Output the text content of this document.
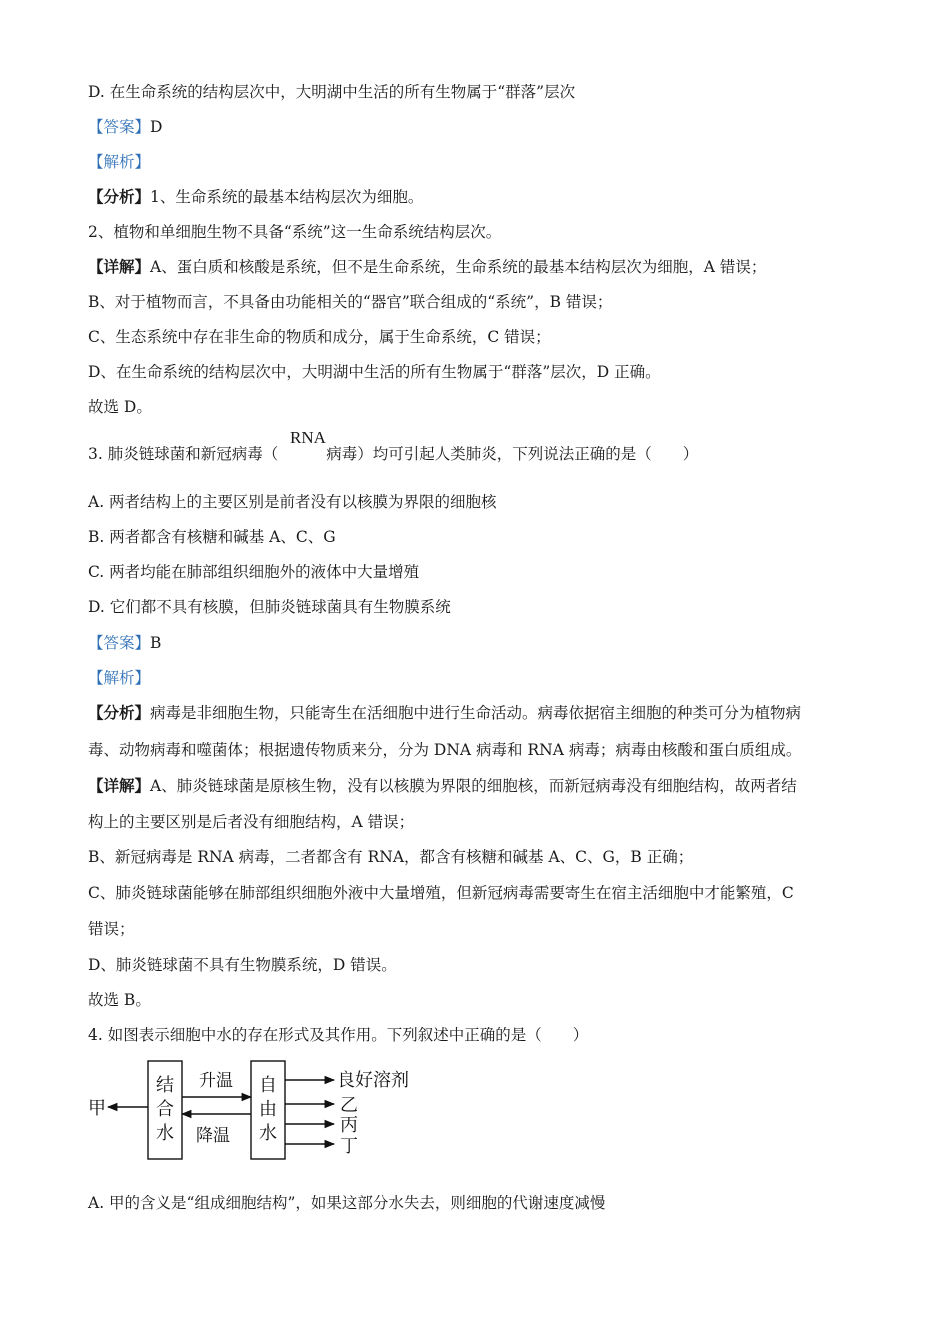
D. 在生命系统的结构层次中，大明湖中生活的所有生物属于“群落”层次
【答案】D
【解析】
【分析】1、生命系统的最基本结构层次为细胞。
2、植物和单细胞生物不具备“系统”这一生命系统结构层次。
【详解】A、蛋白质和核酸是系统，但不是生命系统，生命系统的最基本结构层次为细胞，A 错误；
B、对于植物而言，不具备由功能相关的“器官”联合组成的“系统”，B 错误；
C、生态系统中存在非生命的物质和成分，属于生命系统，C 错误；
D、在生命系统的结构层次中，大明湖中生活的所有生物属于“群落”层次，D 正确。
故选 D。
3. 肺炎链球菌和新冠病毒（	病毒）均可引起人类肺炎，下列说法正确的是（　　）
RNA
A. 两者结构上的主要区别是前者没有以核膜为界限的细胞核
B. 两者都含有核糖和碱基 A、C、G
C. 两者均能在肺部组织细胞外的液体中大量增殖
D. 它们都不具有核膜，但肺炎链球菌具有生物膜系统
【答案】B
【解析】
【分析】病毒是非细胞生物，只能寄生在活细胞中进行生命活动。病毒依据宿主细胞的种类可分为植物病
毒、动物病毒和噬菌体；根据遗传物质来分，分为 DNA 病毒和 RNA 病毒；病毒由核酸和蛋白质组成。
【详解】A、肺炎链球菌是原核生物，没有以核膜为界限的细胞核，而新冠病毒没有细胞结构，故两者结
构上的主要区别是后者没有细胞结构，A 错误；
B、新冠病毒是 RNA 病毒，二者都含有 RNA，都含有核糖和碱基 A、C、G，B 正确；
C、肺炎链球菌能够在肺部组织细胞外液中大量增殖，但新冠病毒需要寄生在宿主活细胞中才能繁殖，C
错误；
D、肺炎链球菌不具有生物膜系统，D 错误。
故选 B。
4. 如图表示细胞中水的存在形式及其作用。下列叙述中正确的是（　　）
甲
结
合
水
升温
降温
自
由
水
良好溶剂
乙
丙
丁
A. 甲的含义是“组成细胞结构”，如果这部分水失去，则细胞的代谢速度减慢
